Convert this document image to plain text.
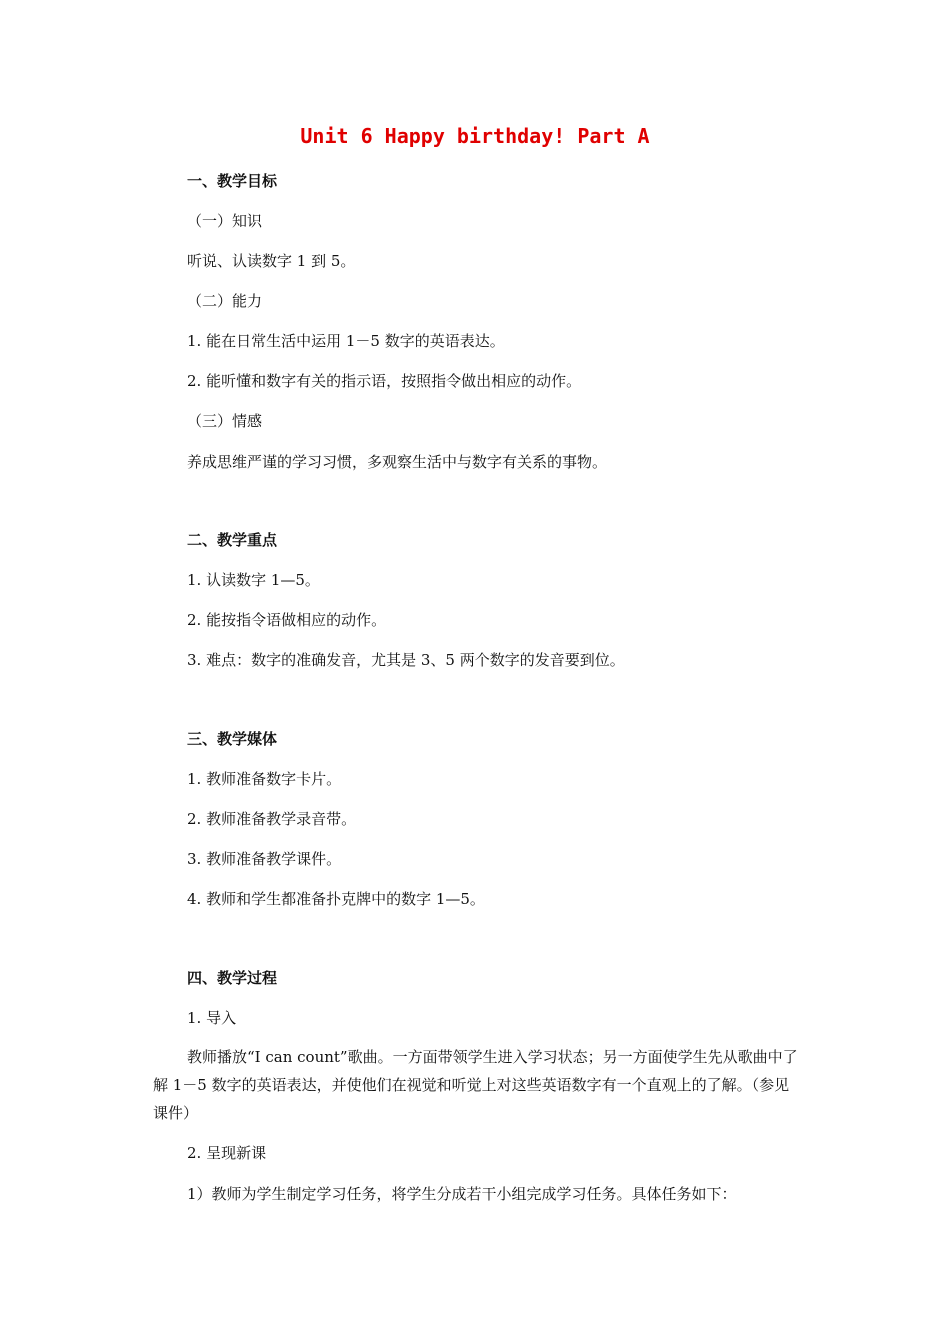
Unit 6 Happy birthday! Part A
一、教学目标
（一）知识
听说、认读数字 1 到 5。
（二）能力
1. 能在日常生活中运用 1－5 数字的英语表达。
2. 能听懂和数字有关的指示语，按照指令做出相应的动作。
（三）情感
养成思维严谨的学习习惯，多观察生活中与数字有关系的事物。
二、教学重点
1. 认读数字 1—5。
2. 能按指令语做相应的动作。
3. 难点：数字的准确发音，尤其是 3、5 两个数字的发音要到位。
三、教学媒体
1. 教师准备数字卡片。
2. 教师准备教学录音带。
3. 教师准备教学课件。
4. 教师和学生都准备扑克牌中的数字 1—5。
四、教学过程
1. 导入
教师播放“I can count”歌曲。一方面带领学生进入学习状态；另一方面使学生先从歌曲中了解 1－5 数字的英语表达，并使他们在视觉和听觉上对这些英语数字有一个直观上的了解。（参见课件）
2. 呈现新课
1）教师为学生制定学习任务，将学生分成若干小组完成学习任务。具体任务如下：
